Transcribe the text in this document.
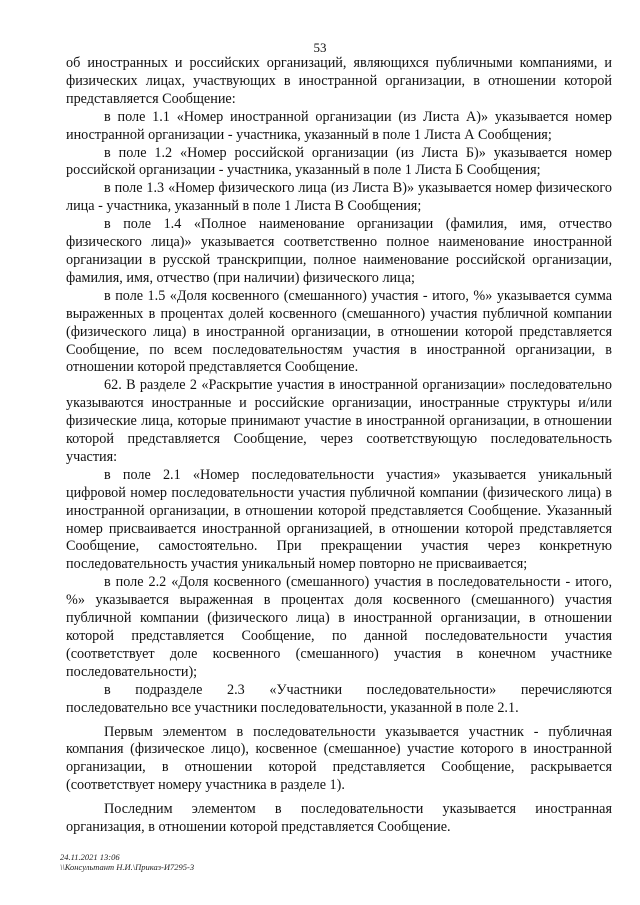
53

об иностранных и российских организаций, являющихся публичными компаниями, и физических лицах, участвующих в иностранной организации, в отношении которой представляется Сообщение:

в поле 1.1 «Номер иностранной организации (из Листа А)» указывается номер иностранной организации - участника, указанный в поле 1 Листа А Сообщения;

в поле 1.2 «Номер российской организации (из Листа Б)» указывается номер российской организации - участника, указанный в поле 1 Листа Б Сообщения;

в поле 1.3 «Номер физического лица (из Листа В)» указывается номер физического лица - участника, указанный в поле 1 Листа В Сообщения;

в поле 1.4 «Полное наименование организации (фамилия, имя, отчество физического лица)» указывается соответственно полное наименование иностранной организации в русской транскрипции, полное наименование российской организации, фамилия, имя, отчество (при наличии) физического лица;

в поле 1.5 «Доля косвенного (смешанного) участия - итого, %» указывается сумма выраженных в процентах долей косвенного (смешанного) участия публичной компании (физического лица) в иностранной организации, в отношении которой представляется Сообщение, по всем последовательностям участия в иностранной организации, в отношении которой представляется Сообщение.

62. В разделе 2 «Раскрытие участия в иностранной организации» последовательно указываются иностранные и российские организации, иностранные структуры и/или физические лица, которые принимают участие в иностранной организации, в отношении которой представляется Сообщение, через соответствующую последовательность участия:

в поле 2.1 «Номер последовательности участия» указывается уникальный цифровой номер последовательности участия публичной компании (физического лица) в иностранной организации, в отношении которой представляется Сообщение. Указанный номер присваивается иностранной организацией, в отношении которой представляется Сообщение, самостоятельно. При прекращении участия через конкретную последовательность участия уникальный номер повторно не присваивается;

в поле 2.2 «Доля косвенного (смешанного) участия в последовательности - итого, %» указывается выраженная в процентах доля косвенного (смешанного) участия публичной компании (физического лица) в иностранной организации, в отношении которой представляется Сообщение, по данной последовательности участия (соответствует доле косвенного (смешанного) участия в конечном участнике последовательности);

в подразделе 2.3 «Участники последовательности» перечисляются последовательно все участники последовательности, указанной в поле 2.1.

Первым элементом в последовательности указывается участник - публичная компания (физическое лицо), косвенное (смешанное) участие которого в иностранной организации, в отношении которой представляется Сообщение, раскрывается (соответствует номеру участника в разделе 1).

Последним элементом в последовательности указывается иностранная организация, в отношении которой представляется Сообщение.

24.11.2021 13:06
\\Консультант Н.И.\Приказ-И7295-3
